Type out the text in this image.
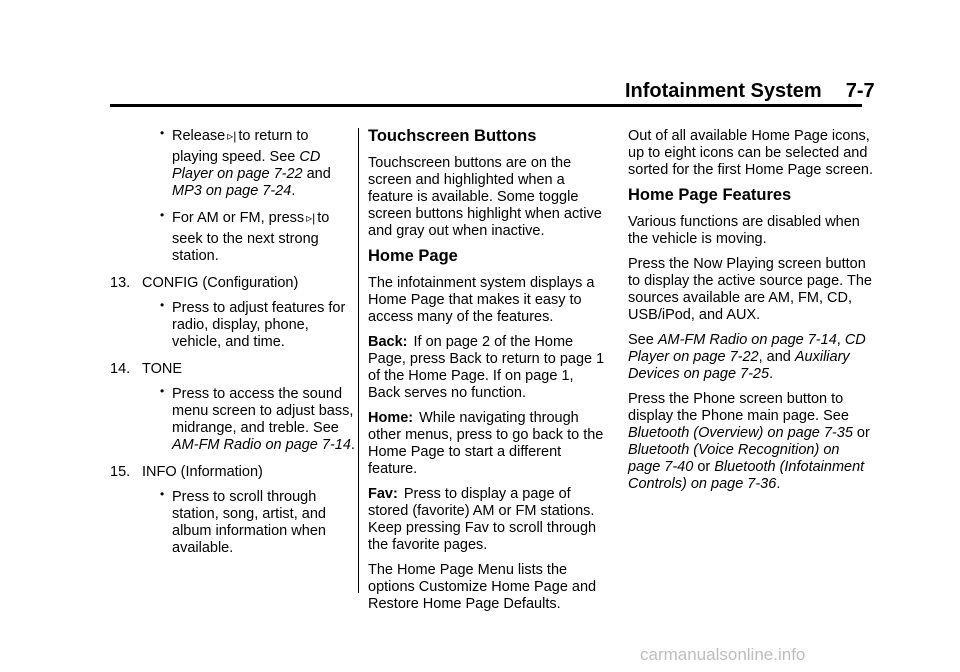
Infotainment System 7-7
• Release ▹| to return to
playing speed. See CD Player on page 7-22 and MP3 on page 7-24.
• For AM or FM, press ▹| to
seek to the next strong station.
13. CONFIG (Configuration)
• Press to adjust features for radio, display, phone, vehicle, and time.
14. TONE
• Press to access the sound menu screen to adjust bass, midrange, and treble. See AM-FM Radio on page 7-14.
15. INFO (Information)
• Press to scroll through station, song, artist, and album information when available.
Touchscreen Buttons

Touchscreen buttons are on the screen and highlighted when a feature is available. Some toggle screen buttons highlight when active and gray out when inactive.

Home Page

The infotainment system displays a Home Page that makes it easy to access many of the features.

Back: If on page 2 of the Home Page, press Back to return to page 1 of the Home Page. If on page 1, Back serves no function.

Home: While navigating through other menus, press to go back to the Home Page to start a different feature.

Fav: Press to display a page of stored (favorite) AM or FM stations. Keep pressing Fav to scroll through the favorite pages.

The Home Page Menu lists the options Customize Home Page and Restore Home Page Defaults.

Out of all available Home Page icons, up to eight icons can be selected and sorted for the first Home Page screen.

Home Page Features

Various functions are disabled when the vehicle is moving.

Press the Now Playing screen button to display the active source page. The sources available are AM, FM, CD, USB/iPod, and AUX.

See AM-FM Radio on page 7-14, CD Player on page 7-22, and Auxiliary Devices on page 7-25.

Press the Phone screen button to display the Phone main page. See Bluetooth (Overview) on page 7-35 or Bluetooth (Voice Recognition) on page 7-40 or Bluetooth (Infotainment Controls) on page 7-36.

carmanualsonline.info
